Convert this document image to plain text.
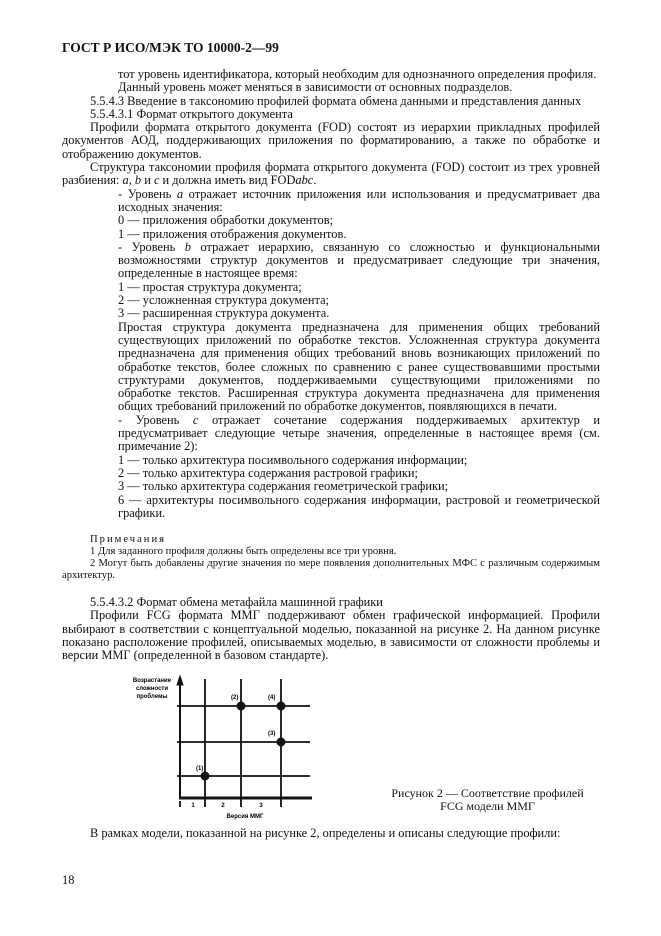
ГОСТ Р ИСО/МЭК ТО 10000-2—99

тот уровень идентификатора, который необходим для однозначного определения профиля.

Данный уровень может меняться в зависимости от основных подразделов.

5.5.4.3 Введение в таксономию профилей формата обмена данными и представления данных

5.5.4.3.1 Формат открытого документа

Профили формата открытого документа (FOD) состоят из иерархии прикладных профилей документов АОД, поддерживающих приложения по форматированию, а также по обработке и отображению документов.

Структура таксономии профиля формата открытого документа (FOD) состоит из трех уровней разбиения: a, b и c и должна иметь вид FODabc.

- Уровень a отражает источник приложения или использования и предусматривает два исходных значения:

0 — приложения обработки документов;

1 — приложения отображения документов.

- Уровень b отражает иерархию, связанную со сложностью и функциональными возможностями структур документов и предусматривает следующие три значения, определенные в настоящее время:

1 — простая структура документа;

2 — усложненная структура документа;

3 — расширенная структура документа.

Простая структура документа предназначена для применения общих требований существующих приложений по обработке текстов. Усложненная структура документа предназначена для применения общих требований вновь возникающих приложений по обработке текстов, более сложных по сравнению с ранее существовавшими простыми структурами документов, поддерживаемыми существующими приложениями по обработке текстов. Расширенная структура документа предназначена для применения общих требований приложений по обработке документов, появляющихся в печати.

- Уровень c отражает сочетание содержания поддерживаемых архитектур и предусматривает следующие четыре значения, определенные в настоящее время (см. примечание 2):

1 — только архитектура посимвольного содержания информации;

2 — только архитектура содержания растровой графики;

3 — только архитектура содержания геометрической графики;

6 — архитектуры посимвольного содержания информации, растровой и геометрической графики.

Примечания

1 Для заданного профиля должны быть определены все три уровня.

2 Могут быть добавлены другие значения по мере появления дополнительных МФС с различным содержимым архитектур.

5.5.4.3.2 Формат обмена метафайла машинной графики

Профили FCG формата ММГ поддерживают обмен графической информацией. Профили выбирают в соответствии с концептуальной моделью, показанной на рисунке 2. На данном рисунке показано расположение профилей, описываемых моделью, в зависимости от сложности проблемы и версии ММГ (определенной в базовом стандарте).

Возрастание
сложности
проблемы
(1)
(2)
(3)
(4)
1	2	3
Версия ММГ
Рисунок 2 — Соответствие профилей FCG модели ММГ

В рамках модели, показанной на рисунке 2, определены и описаны следующие профили:

18
